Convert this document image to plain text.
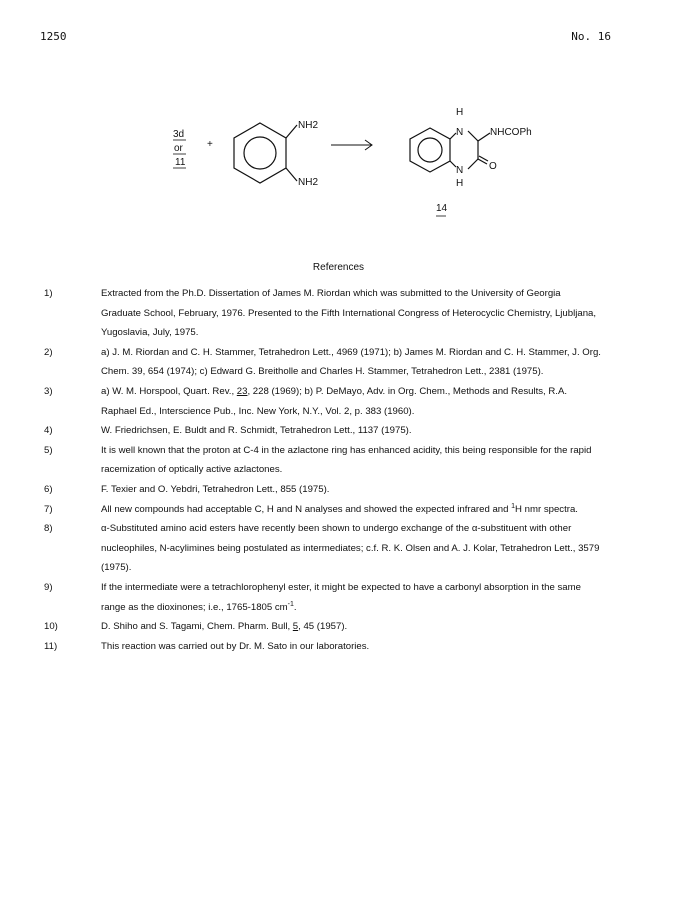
1250	No. 16
3d
or
11
+
NH2
NH2
H
N	NHCOPh
N	O
H
14
References
1)	Extracted from the Ph.D. Dissertation of James M. Riordan which was submitted to the University of Georgia Graduate School, February, 1976. Presented to the Fifth International Congress of Heterocyclic Chemistry, Ljubljana, Yugoslavia, July, 1975.
2)	a) J. M. Riordan and C. H. Stammer, Tetrahedron Lett., 4969 (1971); b) James M. Riordan and C. H. Stammer, J. Org. Chem. 39, 654 (1974); c) Edward G. Breitholle and Charles H. Stammer, Tetrahedron Lett., 2381 (1975).
3)	a) W. M. Horspool, Quart. Rev., 23, 228 (1969); b) P. DeMayo, Adv. in Org. Chem., Methods and Results, R.A. Raphael Ed., Interscience Pub., Inc. New York, N.Y., Vol. 2, p. 383 (1960).
4)	W. Friedrichsen, E. Buldt and R. Schmidt, Tetrahedron Lett., 1137 (1975).
5)	It is well known that the proton at C-4 in the azlactone ring has enhanced acidity, this being responsible for the rapid racemization of optically active azlactones.
6)	F. Texier and O. Yebdri, Tetrahedron Lett., 855 (1975).
7)	All new compounds had acceptable C, H and N analyses and showed the expected infrared and $^1$H nmr spectra.
8)	α-Substituted amino acid esters have recently been shown to undergo exchange of the α-substituent with other nucleophiles, N-acylimines being postulated as intermediates; c.f. R. K. Olsen and A. J. Kolar, Tetrahedron Lett., 3579 (1975).
9)	If the intermediate were a tetrachlorophenyl ester, it might be expected to have a carbonyl absorption in the same range as the dioxinones; i.e., 1765-1805 $cm^{-1}$.
10)	D. Shiho and S. Tagami, Chem. Pharm. Bull, 5, 45 (1957).
11)	This reaction was carried out by Dr. M. Sato in our laboratories.
